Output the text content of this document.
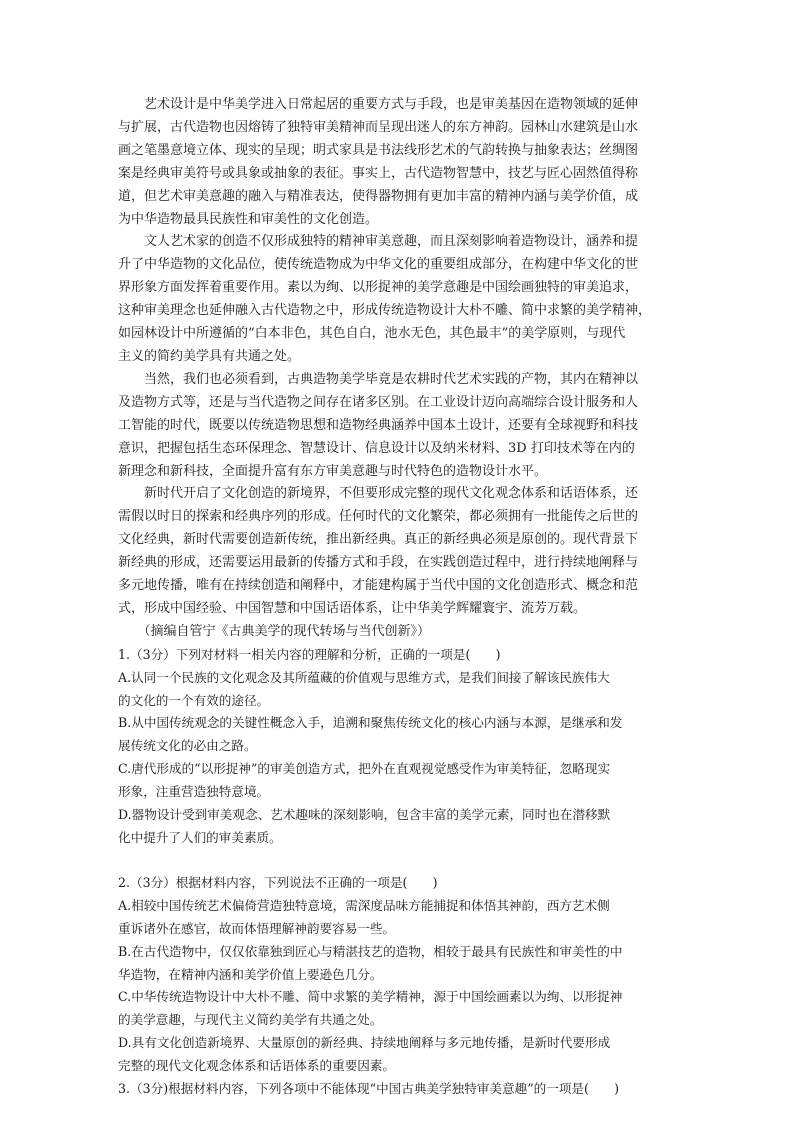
　　艺术设计是中华美学进入日常起居的重要方式与手段，也是审美基因在造物领域的延伸
与扩展，古代造物也因熔铸了独特审美精神而呈现出迷人的东方神韵。园林山水建筑是山水
画之笔墨意境立体、现实的呈现；明式家具是书法线形艺术的气韵转换与抽象表达；丝绸图
案是经典审美符号或具象或抽象的表征。事实上，古代造物智慧中，技艺与匠心固然值得称
道，但艺术审美意趣的融入与精准表达，使得器物拥有更加丰富的精神内涵与美学价值，成
为中华造物最具民族性和审美性的文化创造。
　　文人艺术家的创造不仅形成独特的精神审美意趣，而且深刻影响着造物设计，涵养和提
升了中华造物的文化品位，使传统造物成为中华文化的重要组成部分，在构建中华文化的世
界形象方面发挥着重要作用。素以为绚、以形捉神的美学意趣是中国绘画独特的审美追求，
这种审美理念也延伸融入古代造物之中，形成传统造物设计大朴不雕、简中求繁的美学精神，
如园林设计中所遵循的“白本非色，其色自白，池水无色，其色最丰”的美学原则，与现代
主义的简约美学具有共通之处。
　　当然，我们也必须看到，古典造物美学毕竟是农耕时代艺术实践的产物，其内在精神以
及造物方式等，还是与当代造物之间存在诸多区别。在工业设计迈向高端综合设计服务和人
工智能的时代，既要以传统造物思想和造物经典涵养中国本土设计，还要有全球视野和科技
意识，把握包括生态环保理念、智慧设计、信息设计以及纳米材料、3D 打印技术等在内的
新理念和新科技，全面提升富有东方审美意趣与时代特色的造物设计水平。
　　新时代开启了文化创造的新境界，不但要形成完整的现代文化观念体系和话语体系，还
需假以时日的探索和经典序列的形成。任何时代的文化繁荣，都必须拥有一批能传之后世的
文化经典，新时代需要创造新传统，推出新经典。真正的新经典必须是原创的。现代背景下
新经典的形成，还需要运用最新的传播方式和手段，在实践创造过程中，进行持续地阐释与
多元地传播，唯有在持续创造和阐释中，才能建构属于当代中国的文化创造形式、概念和范
式，形成中国经验、中国智慧和中国话语体系，让中华美学辉耀寰宇、流芳万载。
　　（摘编自管宁《古典美学的现代转场与当代创新》）
1.（3分）下列对材料一相关内容的理解和分析，正确的一项是(　　)
A.认同一个民族的文化观念及其所蕴藏的价值观与思维方式，是我们间接了解该民族伟大
的文化的一个有效的途径。
B.从中国传统观念的关键性概念入手，追溯和聚焦传统文化的核心内涵与本源，是继承和发
展传统文化的必由之路。
C.唐代形成的“以形捉神”的审美创造方式，把外在直观视觉感受作为审美特征，忽略现实
形象，注重营造独特意境。
D.器物设计受到审美观念、艺术趣味的深刻影响，包含丰富的美学元素，同时也在潜移默
化中提升了人们的审美素质。
2.（3分）根据材料内容，下列说法不正确的一项是(　　)
A.相较中国传统艺术偏倚营造独特意境，需深度品味方能捕捉和体悟其神韵，西方艺术侧
重诉诸外在感官，故而体悟理解神韵要容易一些。
B.在古代造物中，仅仅依靠独到匠心与精湛技艺的造物，相较于最具有民族性和审美性的中
华造物，在精神内涵和美学价值上要逊色几分。
C.中华传统造物设计中大朴不雕、简中求繁的美学精神，源于中国绘画素以为绚、以形捉神
的美学意趣，与现代主义简约美学有共通之处。
D.具有文化创造新境界、大量原创的新经典、持续地阐释与多元地传播，是新时代要形成
完整的现代文化观念体系和话语体系的重要因素。
3.（3分)根据材料内容，下列各项中不能体现“中国古典美学独特审美意趣”的一项是(　　)
